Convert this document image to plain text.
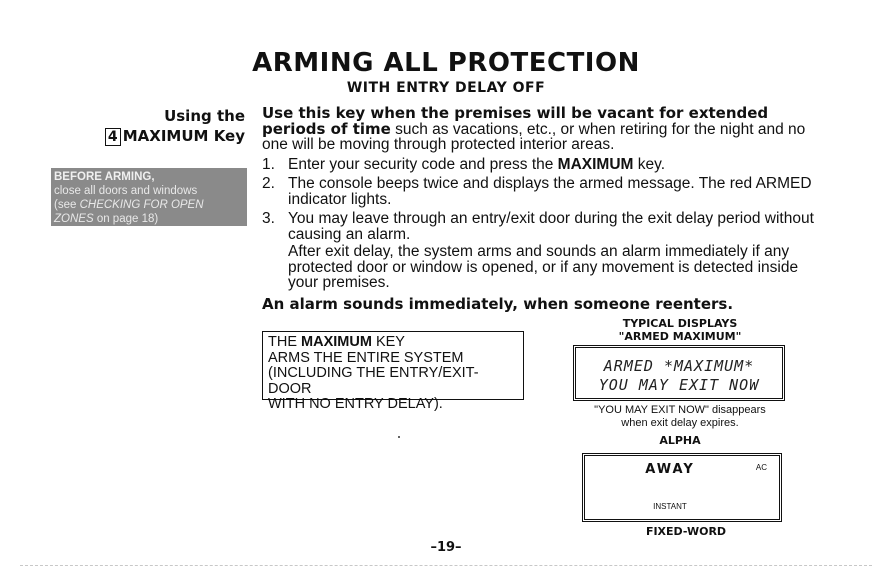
ARMING ALL PROTECTION
WITH ENTRY DELAY OFF
Using the
4 MAXIMUM Key
BEFORE ARMING,
close all doors and windows
(see CHECKING FOR OPEN
ZONES on page 18)

Use this key when the premises will be vacant for extended periods of time such as vacations, etc., or when retiring for the night and no one will be moving through protected interior areas.

1. Enter your security code and press the MAXIMUM key.
2. The console beeps twice and displays the armed message. The red ARMED indicator lights.
3. You may leave through an entry/exit door during the exit delay period without causing an alarm.

After exit delay, the system arms and sounds an alarm immediately if any protected door or window is opened, or if any movement is detected inside your premises.

An alarm sounds immediately, when someone reenters.
THE MAXIMUM KEY
ARMS THE ENTIRE SYSTEM
(INCLUDING THE ENTRY/EXIT-DOOR
WITH NO ENTRY DELAY).
TYPICAL DISPLAYS
"ARMED MAXIMUM"
ARMED *MAXIMUM*
YOU MAY EXIT NOW
"YOU MAY EXIT NOW" disappears
when exit delay expires.
ALPHA
AWAY	AC
INSTANT
FIXED-WORD
–19–
